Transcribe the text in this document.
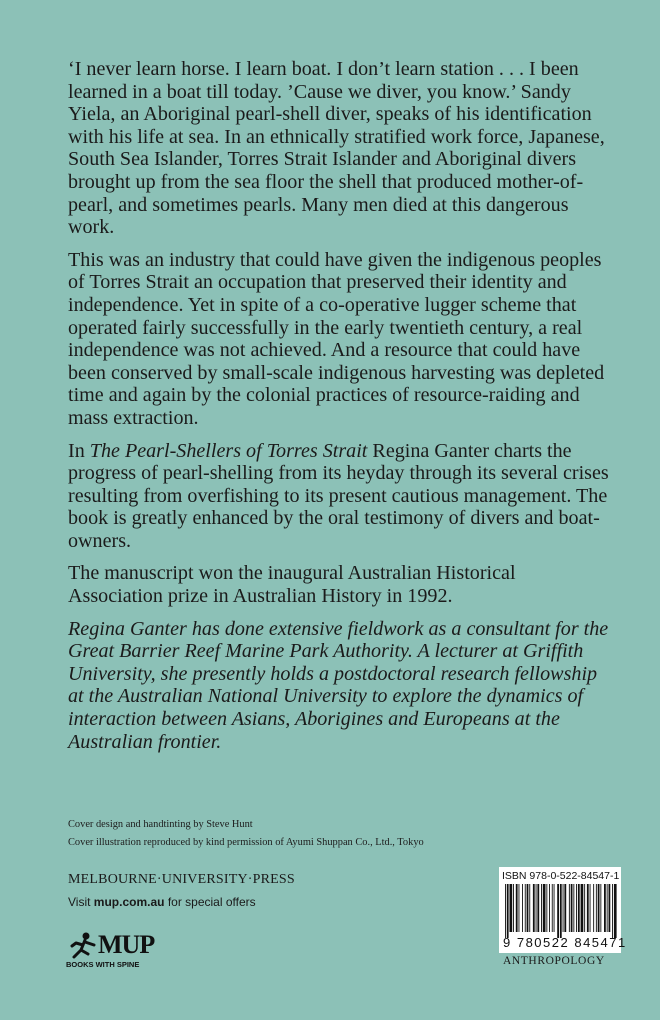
‘I never learn horse. I learn boat. I don’t learn station . . . I been learned in a boat till today. ’Cause we diver, you know.’ Sandy Yiela, an Aboriginal pearl-shell diver, speaks of his identification with his life at sea. In an ethnically stratified work force, Japanese, South Sea Islander, Torres Strait Islander and Aboriginal divers brought up from the sea floor the shell that produced mother-of-pearl, and sometimes pearls. Many men died at this dangerous work.

This was an industry that could have given the indigenous peoples of Torres Strait an occupation that preserved their identity and independence. Yet in spite of a co-operative lugger scheme that operated fairly successfully in the early twentieth century, a real independence was not achieved. And a resource that could have been conserved by small-scale indigenous harvesting was depleted time and again by the colonial practices of resource-raiding and mass extraction.

In The Pearl-Shellers of Torres Strait Regina Ganter charts the progress of pearl-shelling from its heyday through its several crises resulting from overfishing to its present cautious management. The book is greatly enhanced by the oral testimony of divers and boat-owners.

The manuscript won the inaugural Australian Historical Association prize in Australian History in 1992.

Regina Ganter has done extensive fieldwork as a consultant for the Great Barrier Reef Marine Park Authority. A lecturer at Griffith University, she presently holds a postdoctoral research fellowship at the Australian National University to explore the dynamics of interaction between Asians, Aborigines and Europeans at the Australian frontier.

Cover design and handtinting by Steve Hunt
Cover illustration reproduced by kind permission of Ayumi Shuppan Co., Ltd., Tokyo
MELBOURNE·UNIVERSITY·PRESS
Visit mup.com.au for special offers
MUP
BOOKS WITH SPINE
ISBN 978-0-522-84547-1
9 780522 845471
ANTHROPOLOGY
